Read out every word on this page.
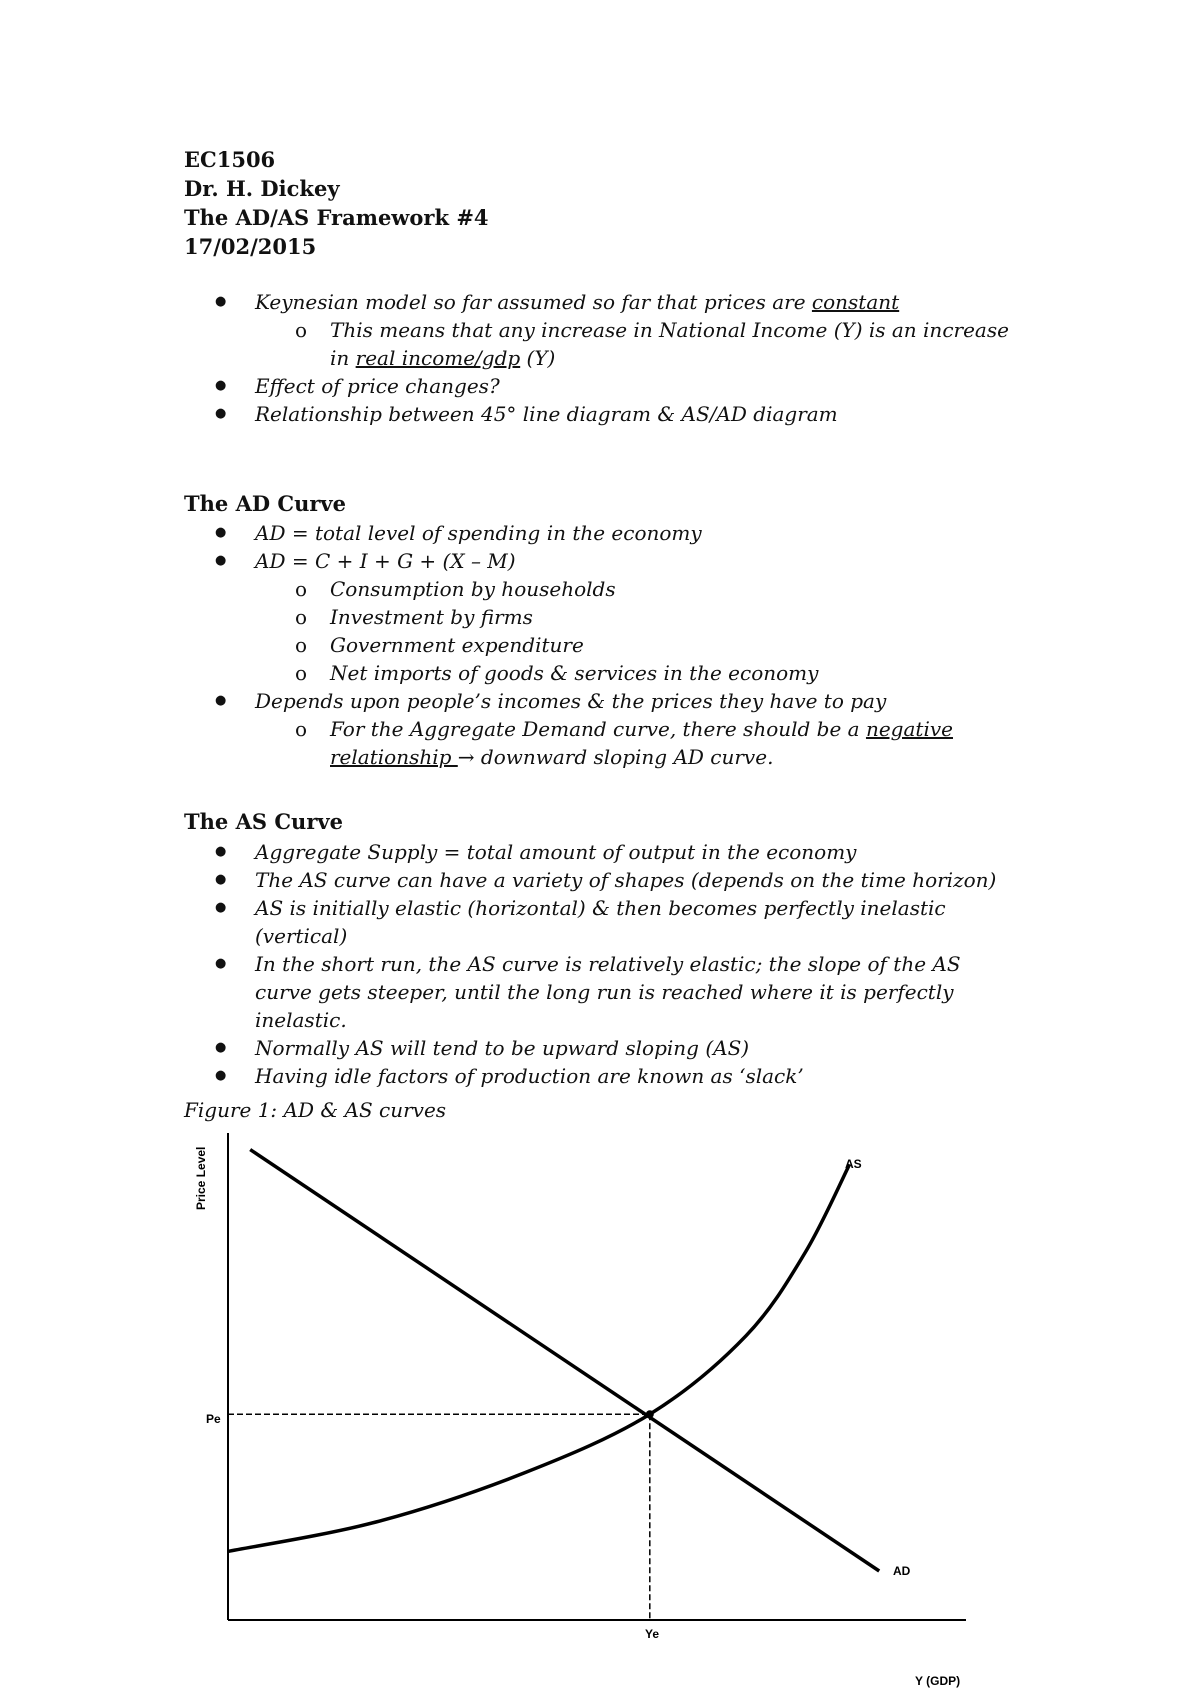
EC1506
Dr. H. Dickey
The AD/AS Framework #4
17/02/2015
● Keynesian model so far assumed so far that prices are constant
o This means that any increase in National Income (Y) is an increase in real income/gdp (Y)
● Effect of price changes?
● Relationship between 45° line diagram & AS/AD diagram
The AD Curve
● AD = total level of spending in the economy
● AD = C + I + G + (X – M)
o Consumption by households
o Investment by firms
o Government expenditure
o Net imports of goods & services in the economy
● Depends upon people’s incomes & the prices they have to pay
o For the Aggregate Demand curve, there should be a negative relationship → downward sloping AD curve.
The AS Curve
● Aggregate Supply = total amount of output in the economy
● The AS curve can have a variety of shapes (depends on the time horizon)
● AS is initially elastic (horizontal) & then becomes perfectly inelastic (vertical)
● In the short run, the AS curve is relatively elastic; the slope of the AS curve gets steeper, until the long run is reached where it is perfectly inelastic.
● Normally AS will tend to be upward sloping (AS)
● Having idle factors of production are known as ‘slack’
Figure 1: AD & AS curves
Price Level
Y (GDP)
AS
AD
Pe
Ye
